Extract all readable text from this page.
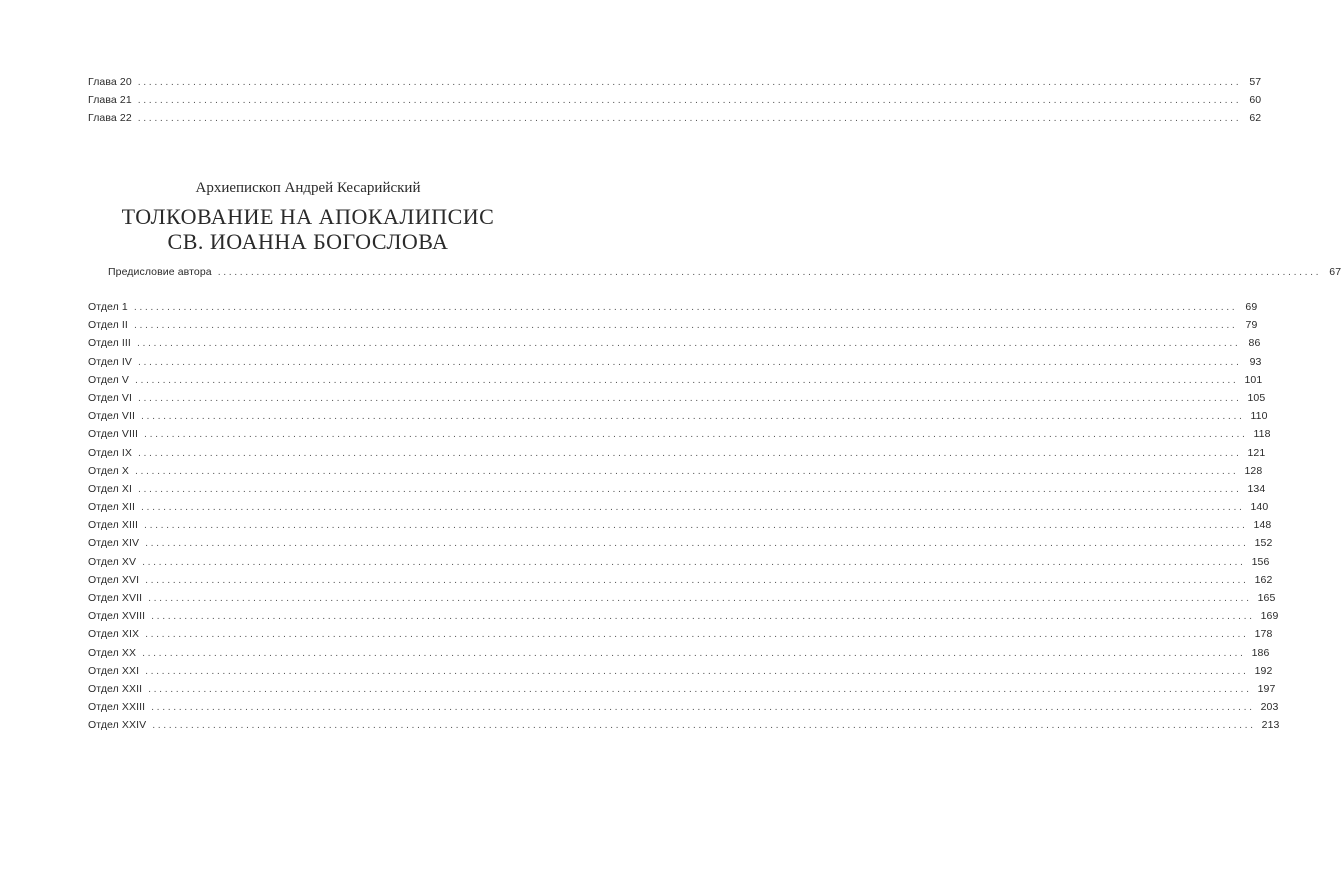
Глава 20 ........................................................................................................................................................................................................ 57
Глава 21 ........................................................................................................................................................................................................ 60
Глава 22 ........................................................................................................................................................................................................ 62
Архиепископ Андрей Кесарийский
ТОЛКОВАНИЕ НА АПОКАЛИПСИС
СВ. ИОАННА БОГОСЛОВА
Предисловие автора ........................................................................................................................................................................................................ 67
Отдел 1 ........................................................................................................................................................................................................ 69
Отдел II ........................................................................................................................................................................................................ 79
Отдел III ........................................................................................................................................................................................................ 86
Отдел IV ........................................................................................................................................................................................................ 93
Отдел V ........................................................................................................................................................................................................ 101
Отдел VI ........................................................................................................................................................................................................ 105
Отдел VII ........................................................................................................................................................................................................ 110
Отдел VIII ........................................................................................................................................................................................................ 118
Отдел IX ........................................................................................................................................................................................................ 121
Отдел X ........................................................................................................................................................................................................ 128
Отдел XI ........................................................................................................................................................................................................ 134
Отдел XII ........................................................................................................................................................................................................ 140
Отдел XIII ........................................................................................................................................................................................................ 148
Отдел XIV ........................................................................................................................................................................................................ 152
Отдел XV ........................................................................................................................................................................................................ 156
Отдел XVI ........................................................................................................................................................................................................ 162
Отдел XVII ........................................................................................................................................................................................................ 165
Отдел XVIII ........................................................................................................................................................................................................ 169
Отдел XIX ........................................................................................................................................................................................................ 178
Отдел XX ........................................................................................................................................................................................................ 186
Отдел XXI ........................................................................................................................................................................................................ 192
Отдел XXII ........................................................................................................................................................................................................ 197
Отдел XXIII ........................................................................................................................................................................................................ 203
Отдел XXIV ........................................................................................................................................................................................................ 213
